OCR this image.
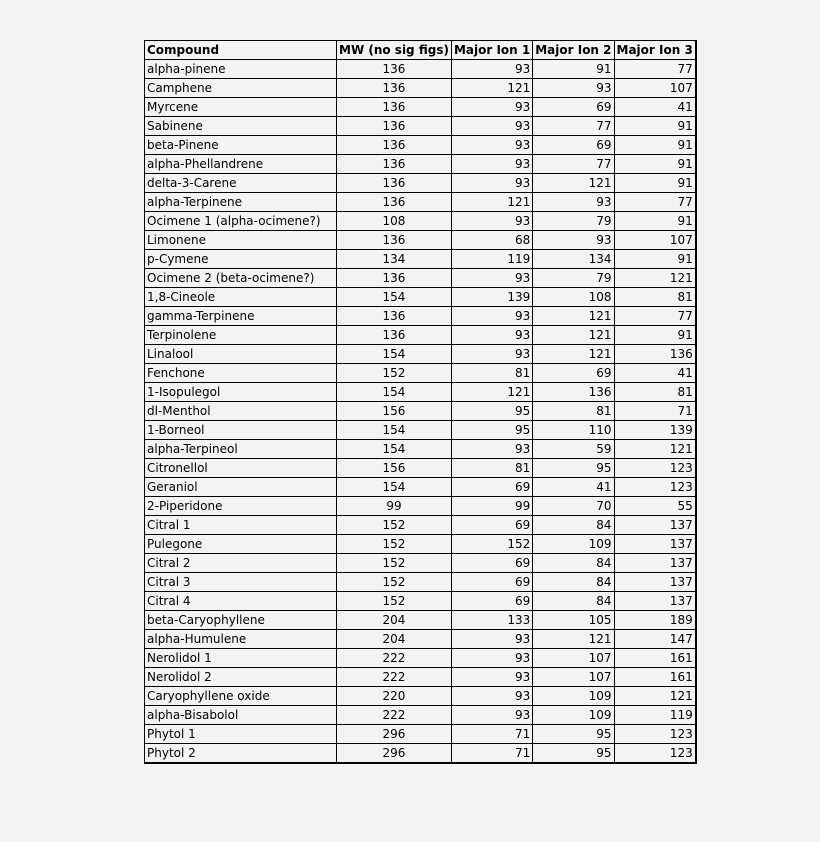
Compound	MW (no sig figs)	Major Ion 1	Major Ion 2	Major Ion 3
alpha-pinene	136	93	91	77
Camphene	136	121	93	107
Myrcene	136	93	69	41
Sabinene	136	93	77	91
beta-Pinene	136	93	69	91
alpha-Phellandrene	136	93	77	91
delta-3-Carene	136	93	121	91
alpha-Terpinene	136	121	93	77
Ocimene 1 (alpha-ocimene?)	108	93	79	91
Limonene	136	68	93	107
p-Cymene	134	119	134	91
Ocimene 2 (beta-ocimene?)	136	93	79	121
1,8-Cineole	154	139	108	81
gamma-Terpinene	136	93	121	77
Terpinolene	136	93	121	91
Linalool	154	93	121	136
Fenchone	152	81	69	41
1-Isopulegol	154	121	136	81
dl-Menthol	156	95	81	71
1-Borneol	154	95	110	139
alpha-Terpineol	154	93	59	121
Citronellol	156	81	95	123
Geraniol	154	69	41	123
2-Piperidone	99	99	70	55
Citral 1	152	69	84	137
Pulegone	152	152	109	137
Citral 2	152	69	84	137
Citral 3	152	69	84	137
Citral 4	152	69	84	137
beta-Caryophyllene	204	133	105	189
alpha-Humulene	204	93	121	147
Nerolidol 1	222	93	107	161
Nerolidol 2	222	93	107	161
Caryophyllene oxide	220	93	109	121
alpha-Bisabolol	222	93	109	119
Phytol 1	296	71	95	123
Phytol 2	296	71	95	123
